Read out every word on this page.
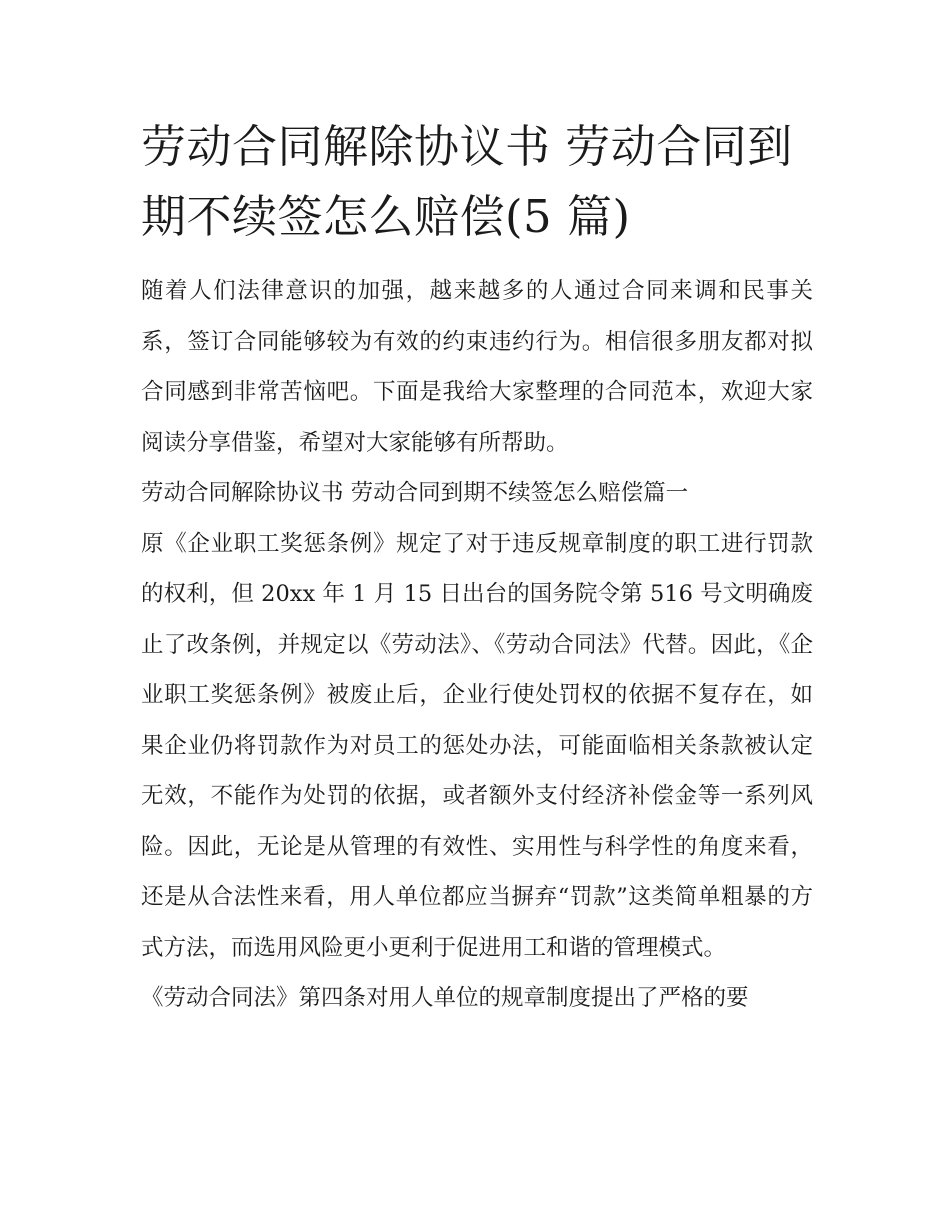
劳动合同解除协议书 劳动合同到期不续签怎么赔偿(5 篇)

随着人们法律意识的加强，越来越多的人通过合同来调和民事关系，签订合同能够较为有效的约束违约行为。相信很多朋友都对拟合同感到非常苦恼吧。下面是我给大家整理的合同范本，欢迎大家阅读分享借鉴，希望对大家能够有所帮助。

劳动合同解除协议书 劳动合同到期不续签怎么赔偿篇一

原《企业职工奖惩条例》规定了对于违反规章制度的职工进行罚款的权利，但 20xx 年 1 月 15 日出台的国务院令第 516 号文明确废止了改条例，并规定以《劳动法》、《劳动合同法》代替。因此，《企业职工奖惩条例》被废止后，企业行使处罚权的依据不复存在，如果企业仍将罚款作为对员工的惩处办法，可能面临相关条款被认定无效，不能作为处罚的依据，或者额外支付经济补偿金等一系列风险。因此，无论是从管理的有效性、实用性与科学性的角度来看，还是从合法性来看，用人单位都应当摒弃“罚款”这类简单粗暴的方式方法，而选用风险更小更利于促进用工和谐的管理模式。

《劳动合同法》第四条对用人单位的规章制度提出了严格的要
